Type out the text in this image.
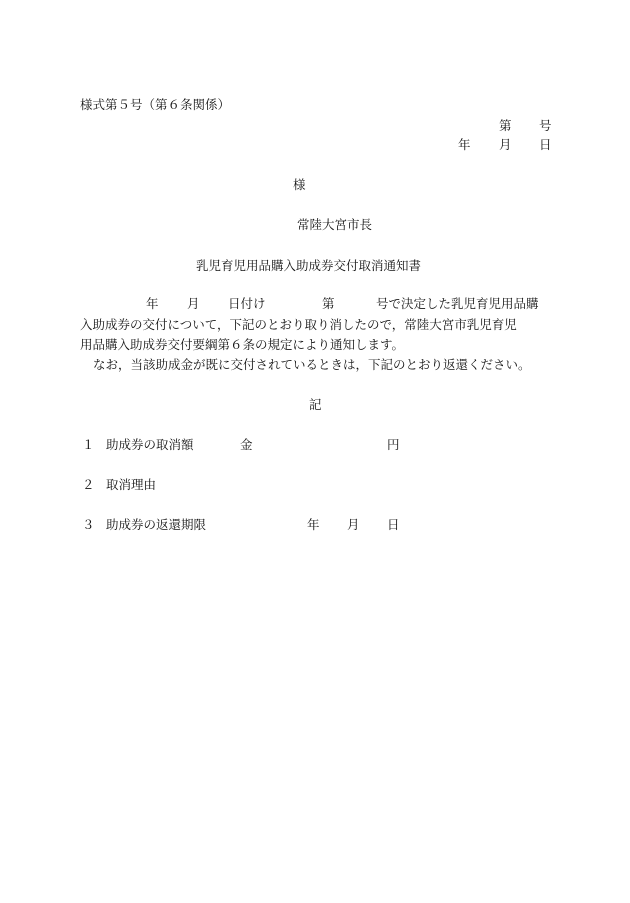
様式第５号（第６条関係）
第 号
年 月 日
様
常陸大宮市長
乳児育児用品購入助成券交付取消通知書
年 月 日付け	第	号で決定した乳児育児用品購
入助成券の交付について，下記のとおり取り消したので，常陸大宮市乳児育児
用品購入助成券交付要綱第６条の規定により通知します。
なお，当該助成金が既に交付されているときは，下記のとおり返還ください。
記
１ 助成券の取消額	金	円
２ 取消理由
３ 助成券の返還期限	年 月 日
